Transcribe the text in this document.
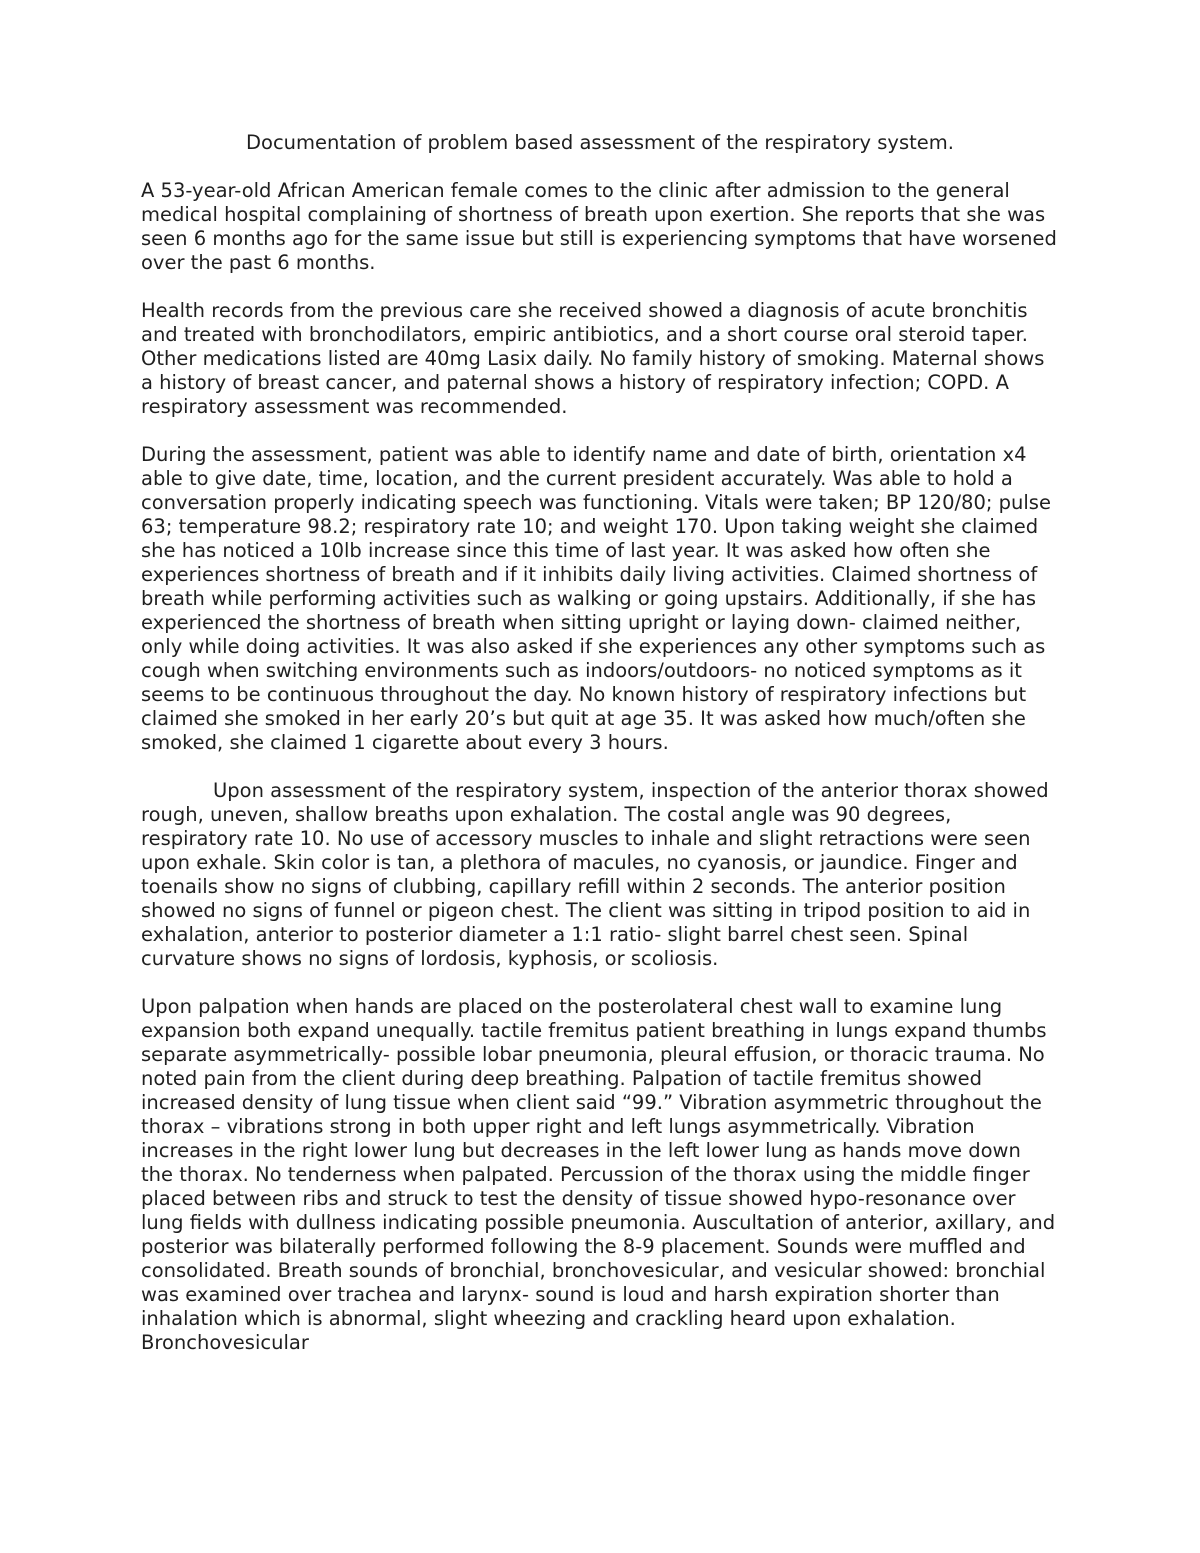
Documentation of problem based assessment of the respiratory system.

A 53-year-old African American female comes to the clinic after admission to the general medical hospital complaining of shortness of breath upon exertion. She reports that she was seen 6 months ago for the same issue but still is experiencing symptoms that have worsened over the past 6 months.

Health records from the previous care she received showed a diagnosis of acute bronchitis and treated with bronchodilators, empiric antibiotics, and a short course oral steroid taper. Other medications listed are 40mg Lasix daily. No family history of smoking. Maternal shows a history of breast cancer, and paternal shows a history of respiratory infection; COPD. A respiratory assessment was recommended.

During the assessment, patient was able to identify name and date of birth, orientation x4 able to give date, time, location, and the current president accurately. Was able to hold a conversation properly indicating speech was functioning. Vitals were taken; BP 120/80; pulse 63; temperature 98.2; respiratory rate 10; and weight 170. Upon taking weight she claimed she has noticed a 10lb increase since this time of last year. It was asked how often she experiences shortness of breath and if it inhibits daily living activities. Claimed shortness of breath while performing activities such as walking or going upstairs. Additionally, if she has experienced the shortness of breath when sitting upright or laying down- claimed neither, only while doing activities. It was also asked if she experiences any other symptoms such as cough when switching environments such as indoors/outdoors- no noticed symptoms as it seems to be continuous throughout the day. No known history of respiratory infections but claimed she smoked in her early 20’s but quit at age 35. It was asked how much/often she smoked, she claimed 1 cigarette about every 3 hours.

Upon assessment of the respiratory system, inspection of the anterior thorax showed rough, uneven, shallow breaths upon exhalation. The costal angle was 90 degrees, respiratory rate 10. No use of accessory muscles to inhale and slight retractions were seen upon exhale. Skin color is tan, a plethora of macules, no cyanosis, or jaundice. Finger and toenails show no signs of clubbing, capillary refill within 2 seconds. The anterior position showed no signs of funnel or pigeon chest. The client was sitting in tripod position to aid in exhalation, anterior to posterior diameter a 1:1 ratio- slight barrel chest seen. Spinal curvature shows no signs of lordosis, kyphosis, or scoliosis.

Upon palpation when hands are placed on the posterolateral chest wall to examine lung expansion both expand unequally. tactile fremitus patient breathing in lungs expand thumbs separate asymmetrically- possible lobar pneumonia, pleural effusion, or thoracic trauma. No noted pain from the client during deep breathing. Palpation of tactile fremitus showed increased density of lung tissue when client said “99.” Vibration asymmetric throughout the thorax – vibrations strong in both upper right and left lungs asymmetrically. Vibration increases in the right lower lung but decreases in the left lower lung as hands move down the thorax. No tenderness when palpated. Percussion of the thorax using the middle finger placed between ribs and struck to test the density of tissue showed hypo-resonance over lung fields with dullness indicating possible pneumonia. Auscultation of anterior, axillary, and posterior was bilaterally performed following the 8-9 placement. Sounds were muffled and consolidated. Breath sounds of bronchial, bronchovesicular, and vesicular showed: bronchial was examined over trachea and larynx- sound is loud and harsh expiration shorter than inhalation which is abnormal, slight wheezing and crackling heard upon exhalation. Bronchovesicular
